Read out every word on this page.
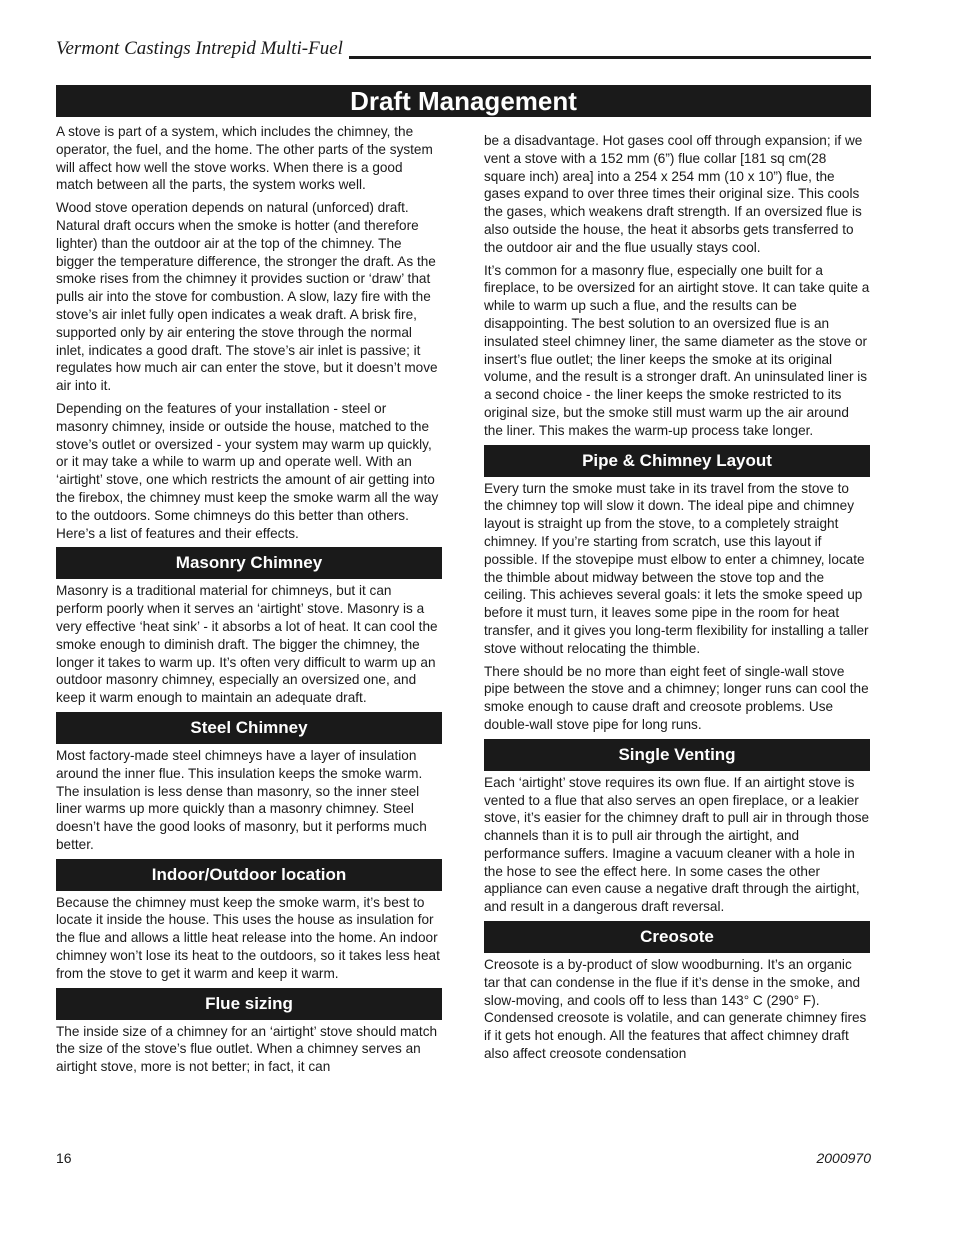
Vermont Castings Intrepid Multi-Fuel
Draft Management

A stove is part of a system, which includes the chimney, the operator, the fuel, and the home. The other parts of the system will affect how well the stove works. When there is a good match between all the parts, the system works well.

Wood stove operation depends on natural (unforced) draft. Natural draft occurs when the smoke is hotter (and therefore lighter) than the outdoor air at the top of the chimney. The bigger the temperature difference, the stronger the draft. As the smoke rises from the chimney it provides suction or ‘draw’ that pulls air into the stove for combustion. A slow, lazy fire with the stove’s air inlet fully open indicates a weak draft. A brisk fire, supported only by air entering the stove through the normal inlet, indicates a good draft. The stove’s air inlet is passive; it regulates how much air can enter the stove, but it doesn’t move air into it.

Depending on the features of your installation - steel or masonry chimney, inside or outside the house, matched to the stove’s outlet or oversized - your system may warm up quickly, or it may take a while to warm up and operate well. With an ‘airtight’ stove, one which restricts the amount of air getting into the firebox, the chimney must keep the smoke warm all the way to the outdoors. Some chimneys do this better than others. Here’s a list of features and their effects.

Masonry Chimney

Masonry is a traditional material for chimneys, but it can perform poorly when it serves an ‘airtight’ stove. Masonry is a very effective ‘heat sink’ - it absorbs a lot of heat. It can cool the smoke enough to diminish draft. The bigger the chimney, the longer it takes to warm up. It’s often very difficult to warm up an outdoor masonry chimney, especially an oversized one, and keep it warm enough to maintain an adequate draft.

Steel Chimney

Most factory-made steel chimneys have a layer of insulation around the inner flue. This insulation keeps the smoke warm. The insulation is less dense than masonry, so the inner steel liner warms up more quickly than a masonry chimney. Steel doesn’t have the good looks of masonry, but it performs much better.

Indoor/Outdoor location

Because the chimney must keep the smoke warm, it’s best to locate it inside the house. This uses the house as insulation for the flue and allows a little heat release into the home. An indoor chimney won’t lose its heat to the outdoors, so it takes less heat from the stove to get it warm and keep it warm.

Flue sizing

The inside size of a chimney for an ‘airtight’ stove should match the size of the stove’s flue outlet. When a chimney serves an airtight stove, more is not better; in fact, it can

be a disadvantage. Hot gases cool off through expansion; if we vent a stove with a 152 mm (6”) flue collar [181 sq cm(28 square inch) area] into a 254 x 254 mm (10 x 10”) flue, the gases expand to over three times their original size. This cools the gases, which weakens draft strength. If an oversized flue is also outside the house, the heat it absorbs gets transferred to the outdoor air and the flue usually stays cool.

It’s common for a masonry flue, especially one built for a fireplace, to be oversized for an airtight stove. It can take quite a while to warm up such a flue, and the results can be disappointing. The best solution to an oversized flue is an insulated steel chimney liner, the same diameter as the stove or insert’s flue outlet; the liner keeps the smoke at its original volume, and the result is a stronger draft. An uninsulated liner is a second choice - the liner keeps the smoke restricted to its original size, but the smoke still must warm up the air around the liner. This makes the warm-up process take longer.

Pipe & Chimney Layout

Every turn the smoke must take in its travel from the stove to the chimney top will slow it down. The ideal pipe and chimney layout is straight up from the stove, to a completely straight chimney. If you’re starting from scratch, use this layout if possible. If the stovepipe must elbow to enter a chimney, locate the thimble about midway between the stove top and the ceiling. This achieves several goals: it lets the smoke speed up before it must turn, it leaves some pipe in the room for heat transfer, and it gives you long-term flexibility for installing a taller stove without relocating the thimble.

There should be no more than eight feet of single-wall stove pipe between the stove and a chimney; longer runs can cool the smoke enough to cause draft and creosote problems. Use double-wall stove pipe for long runs.

Single Venting

Each ‘airtight’ stove requires its own flue. If an airtight stove is vented to a flue that also serves an open fireplace, or a leakier stove, it’s easier for the chimney draft to pull air in through those channels than it is to pull air through the airtight, and performance suffers. Imagine a vacuum cleaner with a hole in the hose to see the effect here. In some cases the other appliance can even cause a negative draft through the airtight, and result in a dangerous draft reversal.

Creosote

Creosote is a by-product of slow woodburning. It’s an organic tar that can condense in the flue if it’s dense in the smoke, and slow-moving, and cools off to less than 143° C (290° F). Condensed creosote is volatile, and can generate chimney fires if it gets hot enough. All the features that affect chimney draft also affect creosote condensation

16	2000970
